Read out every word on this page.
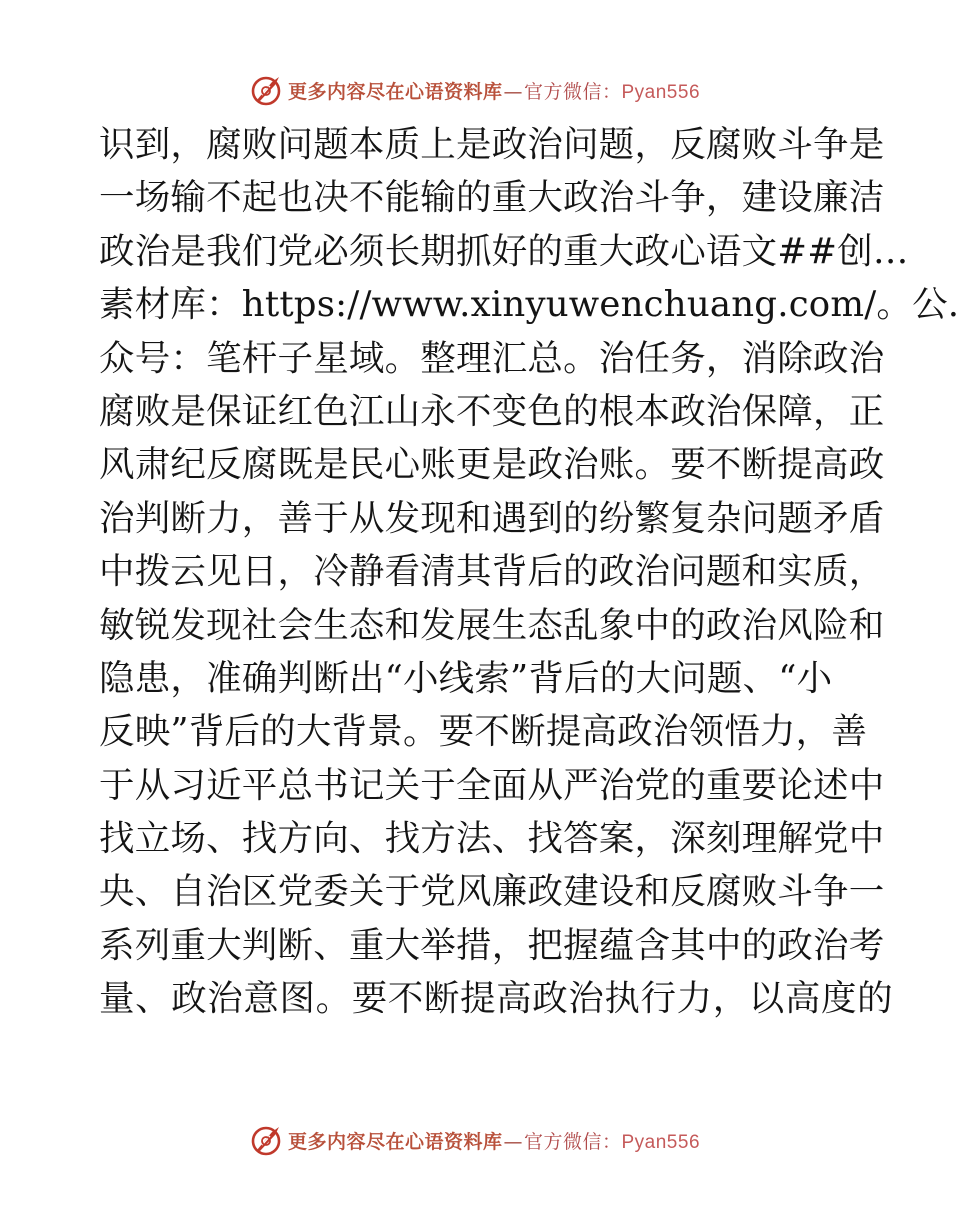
更多内容尽在心语资料库—官方微信：Pyan556
识到，腐败问题本质上是政治问题，反腐败斗争是
一场输不起也决不能输的重大政治斗争，建设廉洁
政治是我们党必须长期抓好的重大政心语文##创…
素材库：https://www.xinyuwenchuang.com/。公.
众号：笔杆子星域。整理汇总。治任务，消除政治
腐败是保证红色江山永不变色的根本政治保障，正
风肃纪反腐既是民心账更是政治账。要不断提高政
治判断力，善于从发现和遇到的纷繁复杂问题矛盾
中拨云见日，冷静看清其背后的政治问题和实质，
敏锐发现社会生态和发展生态乱象中的政治风险和
隐患，准确判断出“小线索”背后的大问题、“小
反映”背后的大背景。要不断提高政治领悟力，善
于从习近平总书记关于全面从严治党的重要论述中
找立场、找方向、找方法、找答案，深刻理解党中
央、自治区党委关于党风廉政建设和反腐败斗争一
系列重大判断、重大举措，把握蕴含其中的政治考
量、政治意图。要不断提高政治执行力，以高度的
更多内容尽在心语资料库—官方微信：Pyan556
